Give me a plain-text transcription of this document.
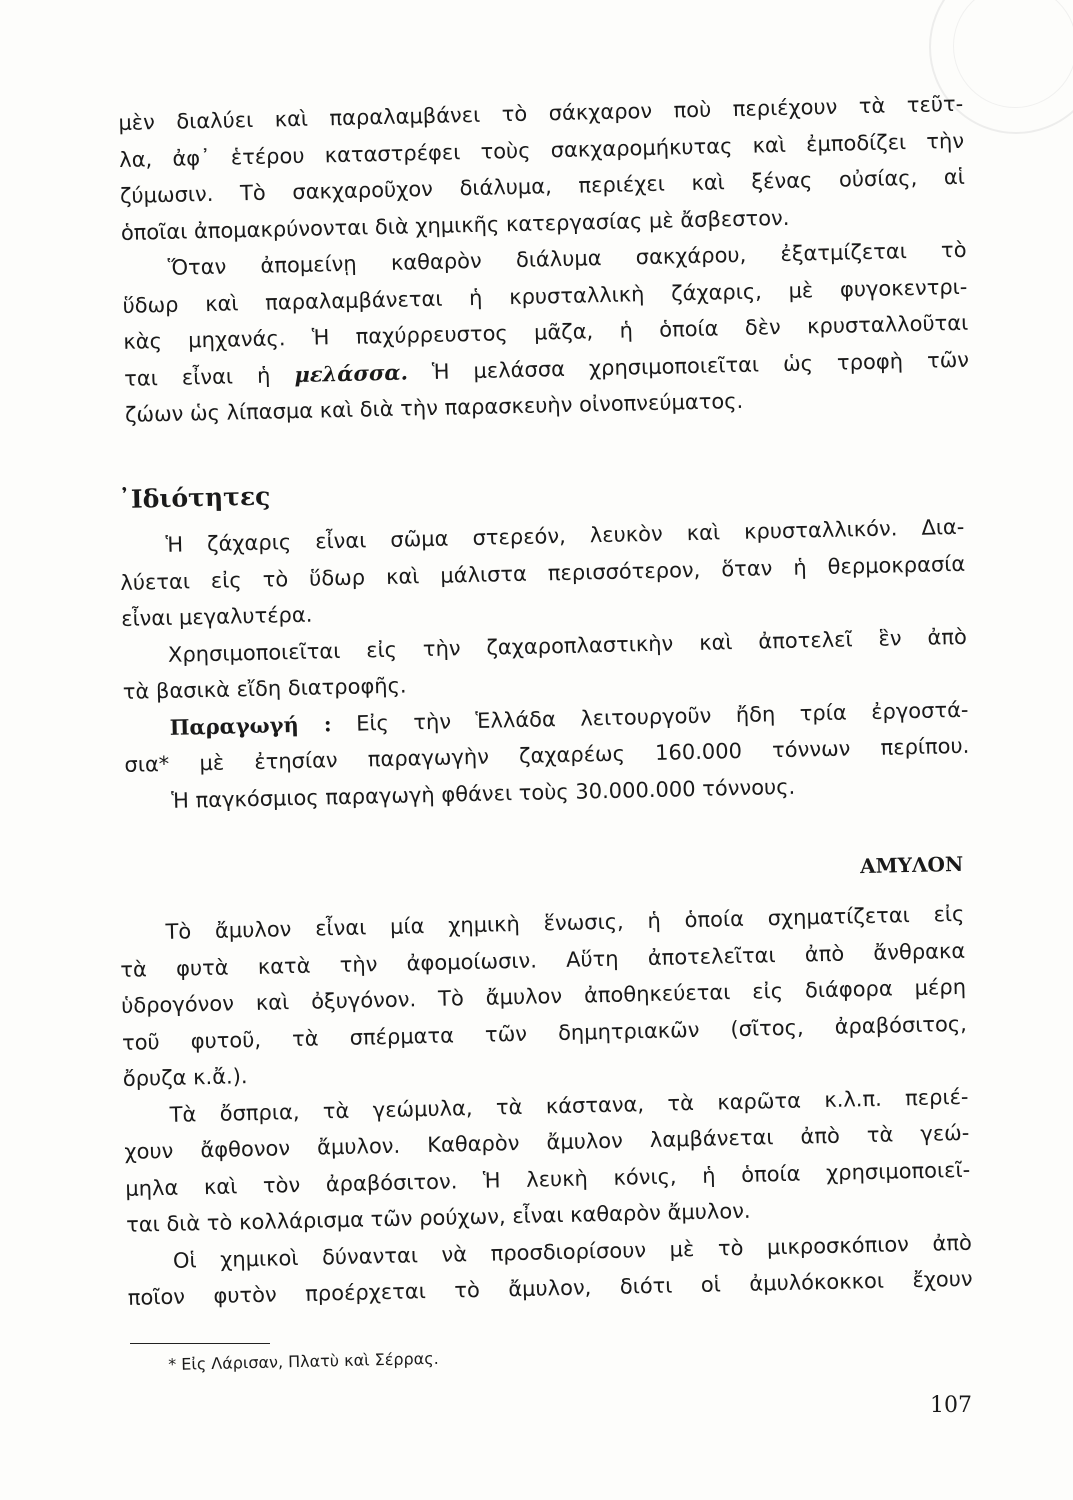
μὲν διαλύει καὶ παραλαμβάνει τὸ σάκχαρον ποὺ περιέχουν τὰ τεῦτ-
λα, ἀφ᾽ ἑτέρου καταστρέφει τοὺς σακχαρομήκυτας καὶ ἐμποδίζει τὴν
ζύμωσιν. Τὸ σακχαροῦχον διάλυμα, περιέχει καὶ ξένας οὐσίας, αἱ
ὁποῖαι ἀπομακρύνονται διὰ χημικῆς κατεργασίας μὲ ἄσβεστον.
Ὅταν ἀπομείνῃ καθαρὸν διάλυμα σακχάρου, ἐξατμίζεται τὸ
ὕδωρ καὶ παραλαμβάνεται ἡ κρυσταλλικὴ ζάχαρις, μὲ φυγοκεντρι-
κὰς μηχανάς. Ἡ παχύρρευστος μᾶζα, ἡ ὁποία δὲν κρυσταλλοῦται
ται εἶναι ἡ μελάσσα. Ἡ μελάσσα χρησιμοποιεῖται ὡς τροφὴ τῶν
ζώων ὡς λίπασμα καὶ διὰ τὴν παρασκευὴν οἰνοπνεύματος.
᾿Ιδιότητες
Ἡ ζάχαρις εἶναι σῶμα στερεόν, λευκὸν καὶ κρυσταλλικόν. Δια-
λύεται εἰς τὸ ὕδωρ καὶ μάλιστα περισσότερον, ὅταν ἡ θερμοκρασία
εἶναι μεγαλυτέρα.
Χρησιμοποιεῖται εἰς τὴν ζαχαροπλαστικὴν καὶ ἀποτελεῖ ἓν ἀπὸ
τὰ βασικὰ εἴδη διατροφῆς.
Παραγωγή : Εἰς τὴν Ἑλλάδα λειτουργοῦν ἤδη τρία ἐργοστά-
σια* μὲ ἐτησίαν παραγωγὴν ζαχαρέως 160.000 τόννων περίπου.
Ἡ παγκόσμιος παραγωγὴ φθάνει τοὺς 30.000.000 τόννους.
ΑΜΥΛΟΝ
Τὸ ἄμυλον εἶναι μία χημικὴ ἕνωσις, ἡ ὁποία σχηματίζεται εἰς
τὰ φυτὰ κατὰ τὴν ἀφομοίωσιν. Αὕτη ἀποτελεῖται ἀπὸ ἄνθρακα
ὑδρογόνον καὶ ὀξυγόνον. Τὸ ἄμυλον ἀποθηκεύεται εἰς διάφορα μέρη
τοῦ φυτοῦ, τὰ σπέρματα τῶν δημητριακῶν (σῖτος, ἀραβόσιτος,
ὄρυζα κ.ἄ.).
Τὰ ὄσπρια, τὰ γεώμυλα, τὰ κάστανα, τὰ καρῶτα κ.λ.π. περιέ-
χουν ἄφθονον ἄμυλον. Καθαρὸν ἄμυλον λαμβάνεται ἀπὸ τὰ γεώ-
μηλα καὶ τὸν ἀραβόσιτον. Ἡ λευκὴ κόνις, ἡ ὁποία χρησιμοποιεῖ-
ται διὰ τὸ κολλάρισμα τῶν ρούχων, εἶναι καθαρὸν ἄμυλον.
Οἱ χημικοὶ δύνανται νὰ προσδιορίσουν μὲ τὸ μικροσκόπιον ἀπὸ
ποῖον φυτὸν προέρχεται τὸ ἄμυλον, διότι οἱ ἀμυλόκοκκοι ἔχουν
* Εἰς Λάρισαν, Πλατὺ καὶ Σέρρας.
107
